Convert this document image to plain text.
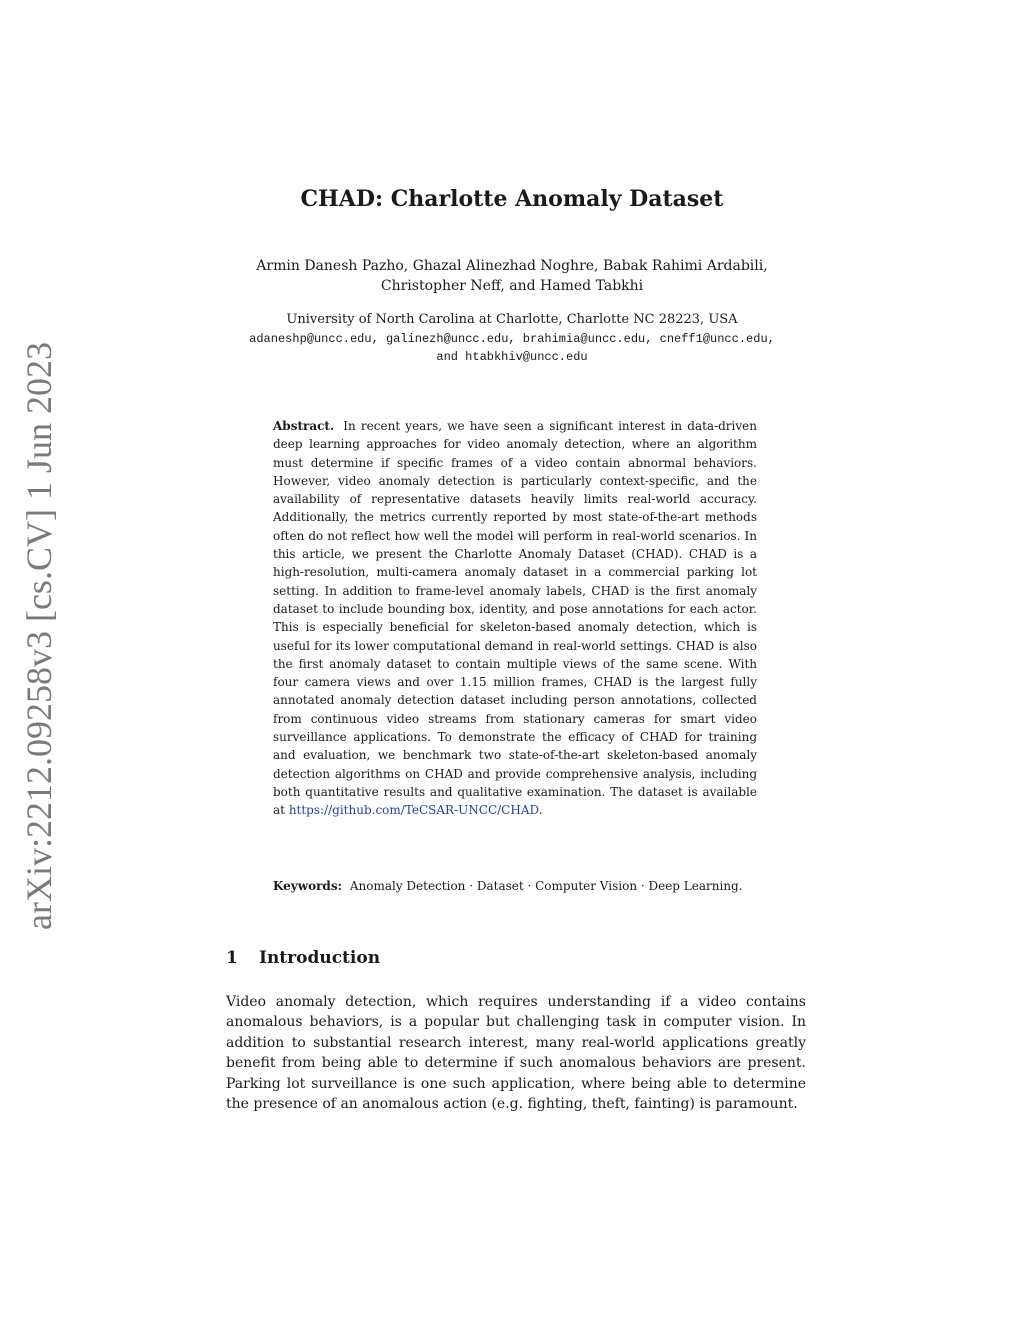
arXiv:2212.09258v3 [cs.CV] 1 Jun 2023
CHAD: Charlotte Anomaly Dataset
Armin Danesh Pazho, Ghazal Alinezhad Noghre, Babak Rahimi Ardabili,
Christopher Neff, and Hamed Tabkhi
University of North Carolina at Charlotte, Charlotte NC 28223, USA
adaneshp@uncc.edu, galinezh@uncc.edu, brahimia@uncc.edu, cneff1@uncc.edu,
and htabkhiv@uncc.edu
Abstract. In recent years, we have seen a significant interest in data-driven deep learning approaches for video anomaly detection, where an algorithm must determine if specific frames of a video contain abnormal behaviors. However, video anomaly detection is particularly context-specific, and the availability of representative datasets heavily limits real-world accuracy. Additionally, the metrics currently reported by most state-of-the-art methods often do not reflect how well the model will perform in real-world scenarios. In this article, we present the Charlotte Anomaly Dataset (CHAD). CHAD is a high-resolution, multi-camera anomaly dataset in a commercial parking lot setting. In addition to frame-level anomaly labels, CHAD is the first anomaly dataset to include bounding box, identity, and pose annotations for each actor. This is especially beneficial for skeleton-based anomaly detection, which is useful for its lower computational demand in real-world settings. CHAD is also the first anomaly dataset to contain multiple views of the same scene. With four camera views and over 1.15 million frames, CHAD is the largest fully annotated anomaly detection dataset including person annotations, collected from continuous video streams from stationary cameras for smart video surveillance applications. To demonstrate the efficacy of CHAD for training and evaluation, we benchmark two state-of-the-art skeleton-based anomaly detection algorithms on CHAD and provide comprehensive analysis, including both quantitative results and qualitative examination. The dataset is available at https://github.com/TeCSAR-UNCC/CHAD.
Keywords: Anomaly Detection · Dataset · Computer Vision · Deep Learning.
1 Introduction

Video anomaly detection, which requires understanding if a video contains anomalous behaviors, is a popular but challenging task in computer vision. In addition to substantial research interest, many real-world applications greatly benefit from being able to determine if such anomalous behaviors are present. Parking lot surveillance is one such application, where being able to determine the presence of an anomalous action (e.g. fighting, theft, fainting) is paramount.
